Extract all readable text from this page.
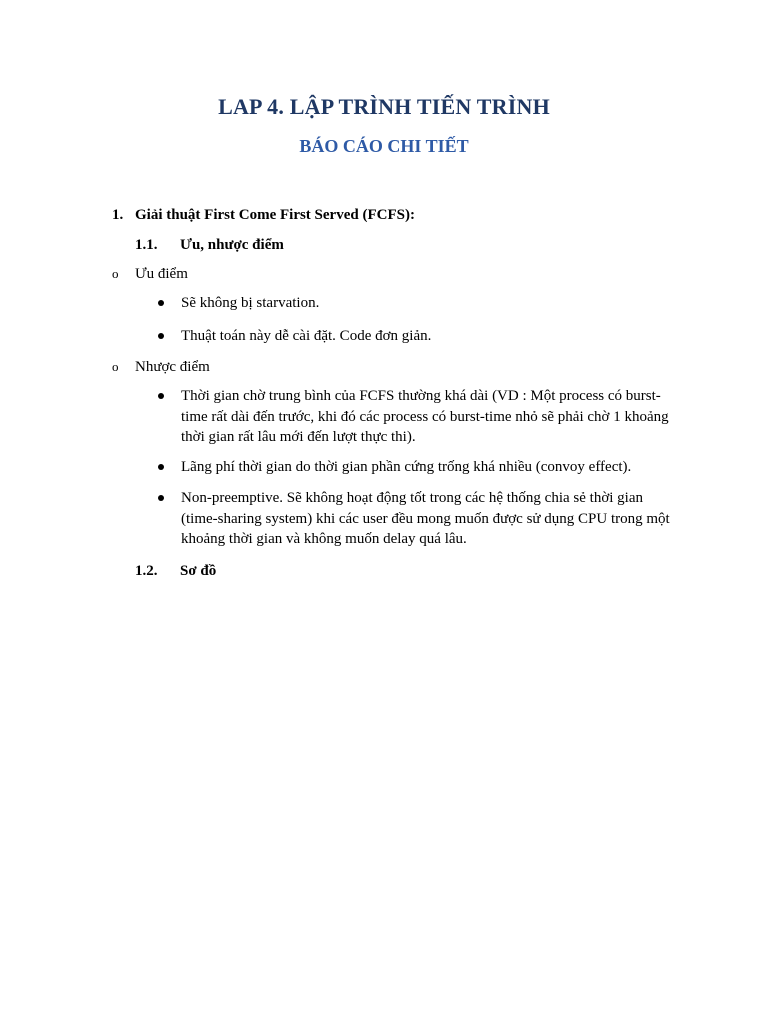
LAP 4. LẬP TRÌNH TIẾN TRÌNH
BÁO CÁO CHI TIẾT
1. Giải thuật First Come First Served (FCFS):
1.1. Ưu, nhược điểm
o Ưu điểm
Sẽ không bị starvation.
Thuật toán này dễ cài đặt. Code đơn giản.
o Nhược điểm
Thời gian chờ trung bình của FCFS thường khá dài (VD : Một process có burst-time rất dài đến trước, khi đó các process có burst-time nhỏ sẽ phải chờ 1 khoảng thời gian rất lâu mới đến lượt thực thi).
Lãng phí thời gian do thời gian phần cứng trống khá nhiều (convoy effect).
Non-preemptive. Sẽ không hoạt động tốt trong các hệ thống chia sẻ thời gian (time-sharing system) khi các user đều mong muốn được sử dụng CPU trong một khoảng thời gian và không muốn delay quá lâu.
1.2. Sơ đồ
